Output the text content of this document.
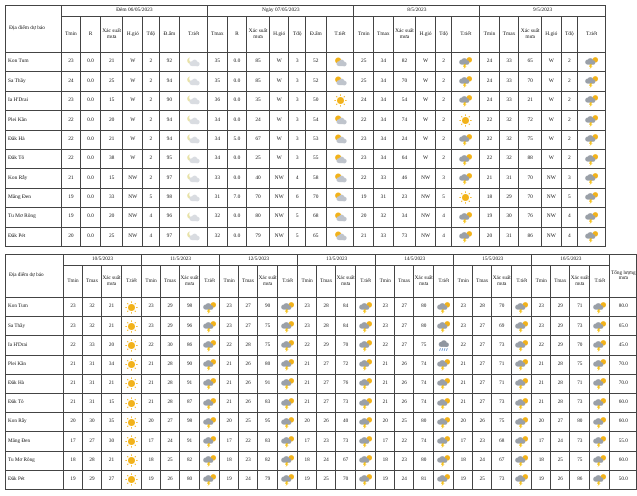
Địa điểm dự báo	Đêm 06/05/2023							Ngày 07/05/2023							8/5/2023						9/5/2023					
	Tmin	R	Xác suất mưa	H.gió	Tđộ	Đ.ẩm	T.tiết	Tmax	R	Xác suất mưa	H.gió	Tđộ	Đ.ẩm	T.tiết	Tmin	Tmax	Xác suất mưa	H.gió	Tđộ	T.tiết	Tmin	Tmax	Xác suất mưa	H.gió	Tđộ	T.tiết
Kon Tum	23	0.0	21	W	2	92		35	0.0	85	W	3	52		25	34	82	W	2		24	33	65	W	2	

Sa Thầy	24	0.0	25	W	2	94		35	0.0	85	W	3	52		25	34	70	W	2		24	33	70	W	2	

Ia H'Drai	23	0.0	15	W	2	90		36	0.0	35	W	3	50		24	34	54	W	2		24	33	21	W	2	

Plei Kần	22	0.0	20	W	2	94		34	0.0	24	W	3	54		22	34	74	W	2		22	32	72	W	2	

Đăk Hà	22	0.0	21	W	2	94		34	5.0	67	W	3	53		23	34	24	W	2		22	32	75	W	2	

Đăk Tô	22	0.0	38	W	2	95		34	0.0	25	W	3	55		23	34	64	W	2		22	32	88	W	2	

Kon Rẫy	21	0.0	15	NW	2	97		33	0.0	40	NW	4	58		22	33	46	NW	3		21	31	70	NW	3	

Măng Đen	19	0.0	33	NW	5	98		31	7.0	70	NW	6	70		19	31	23	NW	5		18	29	70	NW	5	

Tu Mơ Rông	19	0.0	20	NW	4	96		32	0.0	80	NW	5	68		20	32	34	NW	4		19	30	76	NW	4	

Đăk Pét	20	0.0	25	NW	4	97		32	0.0	79	NW	5	65		21	33	73	NW	4		20	31	86	NW	4	
Địa điểm dự báo	10/5/2023				11/5/2023				12/5/2023				13/5/2023				14/5/2023				15/5/2023				16/5/2023				Tổng lượng mưa
	Tmin	Tmax	Xác suất mưa	T.tiết	Tmin	Tmax	Xác suất mưa	T.tiết	Tmin	Tmax	Xác suất mưa	T.tiết	Tmin	Tmax	Xác suất mưa	T.tiết	Tmin	Tmax	Xác suất mưa	T.tiết	Tmin	Tmax	Xác suất mưa	T.tiết	Tmin	Tmax	Xác suất mưa	T.tiết	
Kon Tum	23	32	21		23	29	98		23	27	90		23	28	84		23	27	80		23	28	70		23	29	71		80.0
Sa Thầy	23	32	21		23	29	96		23	27	75		23	28	84		23	27	80		23	27	69		23	29	73		65.0
Ia H'Drai	22	33	20		22	30	86		22	28	75		22	29	70		22	27	75		22	27	73		22	29	70		45.0
Plei Kần	21	31	34		21	28	90		21	26	80		21	27	72		21	26	74		21	27	71		21	28	75		70.0
Đăk Hà	21	31	21		21	28	91		21	26	91		21	27	76		21	26	74		21	27	71		21	28	71		70.0
Đăk Tô	21	31	15		21	28	87		21	26	83		21	27	73		21	26	74		21	27	73		21	28	73		60.0
Kon Rẫy	20	30	35		20	27	98		20	25	95		20	26	40		20	25	80		20	26	75		20	27	80		60.0
Măng Đen	17	27	30		17	24	91		17	22	83		17	23	73		17	22	74		17	23	68		17	24	73		55.0
Tu Mơ Rông	18	28	21		18	25	82		18	23	82		18	24	67		18	23	80		18	24	67		18	25	75		60.0
Đăk Pét	19	29	27		19	26	80		19	24	79		19	25	70		19	24	81		19	25	73		19	26	86		50.0
